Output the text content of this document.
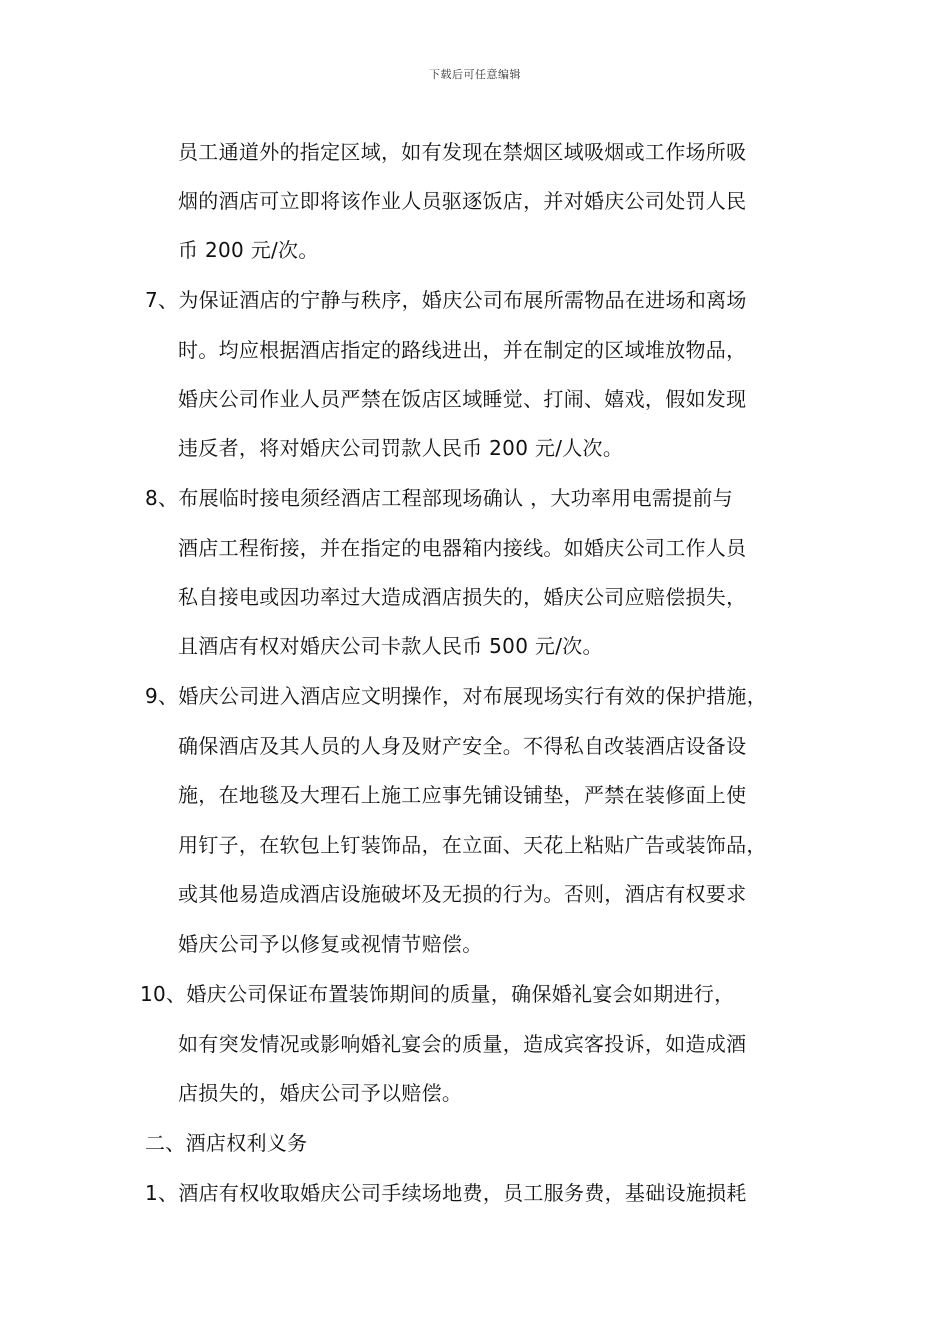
下载后可任意编辑
员工通道外的指定区域，如有发现在禁烟区域吸烟或工作场所吸
烟的酒店可立即将该作业人员驱逐饭店，并对婚庆公司处罚人民
币 200 元/次。
7、为保证酒店的宁静与秩序，婚庆公司布展所需物品在进场和离场
时。均应根据酒店指定的路线进出，并在制定的区域堆放物品，
婚庆公司作业人员严禁在饭店区域睡觉、打闹、嬉戏，假如发现
违反者，将对婚庆公司罚款人民币 200 元/人次。
8、布展临时接电须经酒店工程部现场确认 ，大功率用电需提前与
酒店工程衔接，并在指定的电器箱内接线。如婚庆公司工作人员
私自接电或因功率过大造成酒店损失的，婚庆公司应赔偿损失，
且酒店有权对婚庆公司卡款人民币 500 元/次。
9、婚庆公司进入酒店应文明操作，对布展现场实行有效的保护措施，
确保酒店及其人员的人身及财产安全。不得私自改装酒店设备设
施，在地毯及大理石上施工应事先铺设铺垫，严禁在装修面上使
用钉子，在软包上钉装饰品，在立面、天花上粘贴广告或装饰品，
或其他易造成酒店设施破坏及无损的行为。否则，酒店有权要求
婚庆公司予以修复或视情节赔偿。
10、婚庆公司保证布置装饰期间的质量，确保婚礼宴会如期进行，
如有突发情况或影响婚礼宴会的质量，造成宾客投诉，如造成酒
店损失的，婚庆公司予以赔偿。
二、酒店权利义务
1、酒店有权收取婚庆公司手续场地费，员工服务费，基础设施损耗
